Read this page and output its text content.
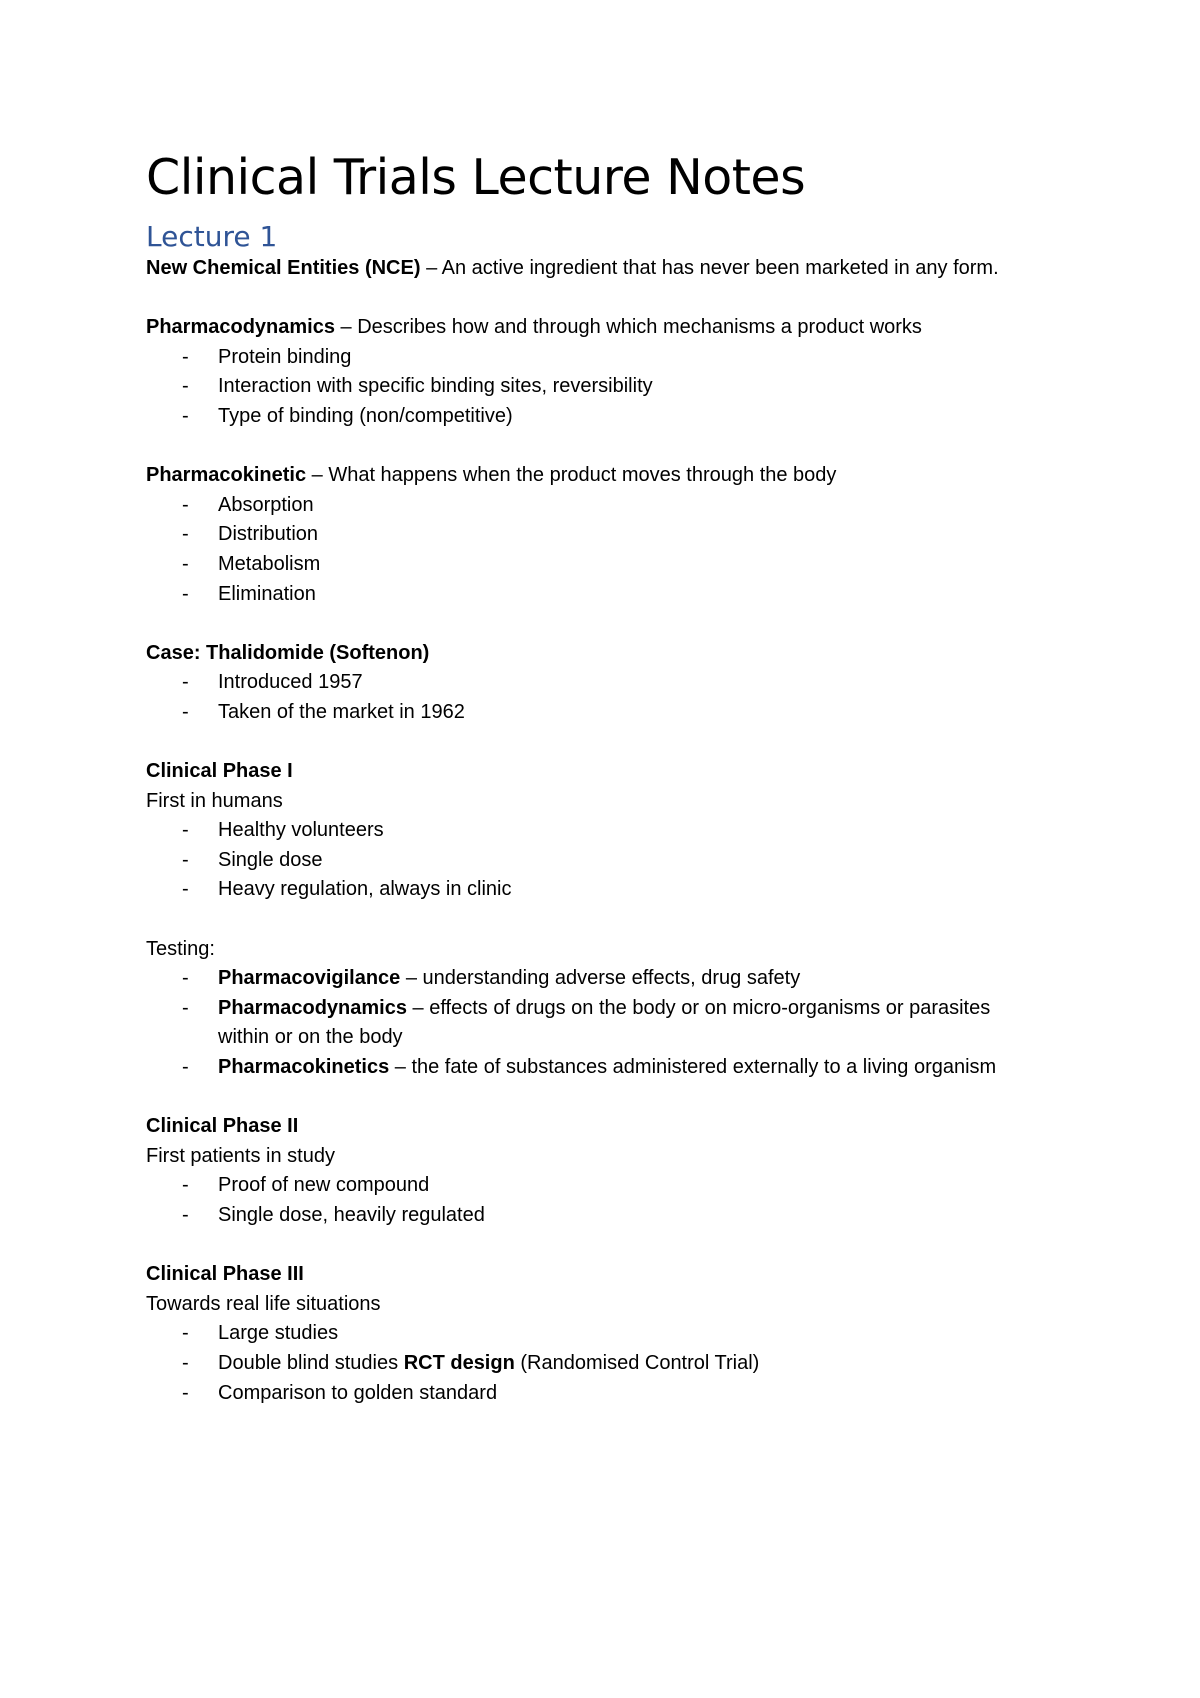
Clinical Trials Lecture Notes
Lecture 1

New Chemical Entities (NCE) – An active ingredient that has never been marketed in any form.

Pharmacodynamics – Describes how and through which mechanisms a product works

- Protein binding
- Interaction with specific binding sites, reversibility
- Type of binding (non/competitive)

Pharmacokinetic – What happens when the product moves through the body

- Absorption
- Distribution
- Metabolism
- Elimination

Case: Thalidomide (Softenon)

- Introduced 1957
- Taken of the market in 1962

Clinical Phase I

First in humans

- Healthy volunteers
- Single dose
- Heavy regulation, always in clinic

Testing:

- Pharmacovigilance – understanding adverse effects, drug safety
- Pharmacodynamics – effects of drugs on the body or on micro-organisms or parasites within or on the body
- Pharmacokinetics – the fate of substances administered externally to a living organism

Clinical Phase II

First patients in study

- Proof of new compound
- Single dose, heavily regulated

Clinical Phase III

Towards real life situations

- Large studies
- Double blind studies RCT design (Randomised Control Trial)
- Comparison to golden standard
